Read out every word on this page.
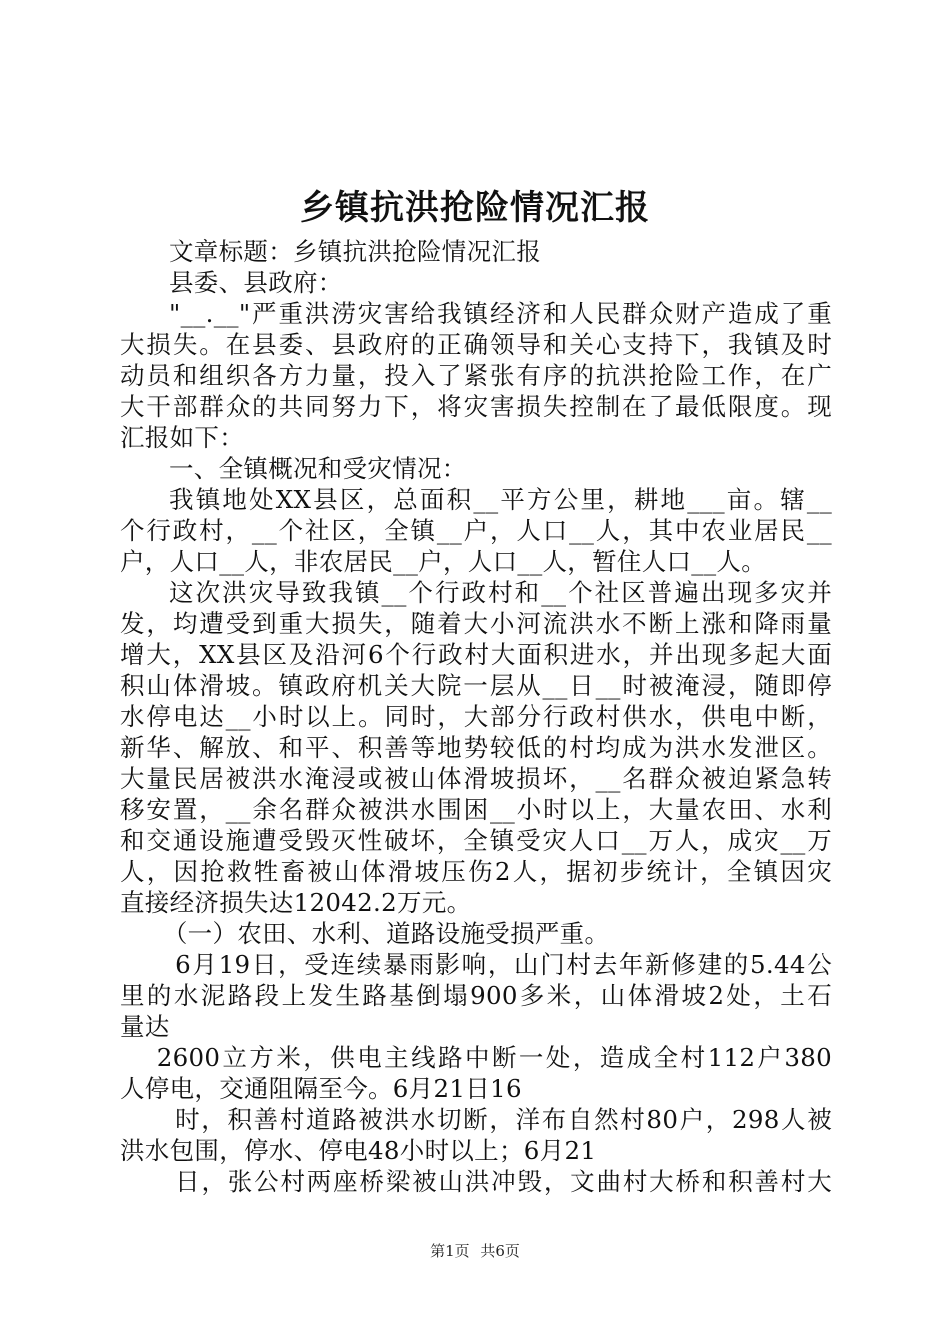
乡镇抗洪抢险情况汇报
文章标题：乡镇抗洪抢险情况汇报
县委、县政府：
"__.__"严重洪涝灾害给我镇经济和人民群众财产造成了重
大损失。在县委、县政府的正确领导和关心支持下，我镇及时
动员和组织各方力量，投入了紧张有序的抗洪抢险工作，在广
大干部群众的共同努力下，将灾害损失控制在了最低限度。现
汇报如下：
一、全镇概况和受灾情况：
我镇地处XX县区，总面积__平方公里，耕地___亩。辖__
个行政村，__个社区，全镇__户，人口__人，其中农业居民__
户，人口__人，非农居民__户，人口__人，暂住人口__人。
这次洪灾导致我镇__个行政村和__个社区普遍出现多灾并
发，均遭受到重大损失，随着大小河流洪水不断上涨和降雨量
增大，XX县区及沿河6个行政村大面积进水，并出现多起大面
积山体滑坡。镇政府机关大院一层从__日__时被淹浸，随即停
水停电达__小时以上。同时，大部分行政村供水，供电中断，
新华、解放、和平、积善等地势较低的村均成为洪水发泄区。
大量民居被洪水淹浸或被山体滑坡损坏，__名群众被迫紧急转
移安置，__余名群众被洪水围困__小时以上，大量农田、水利
和交通设施遭受毁灭性破坏，全镇受灾人口__万人，成灾__万
人，因抢救牲畜被山体滑坡压伤2人，据初步统计，全镇因灾
直接经济损失达12042.2万元。
（一）农田、水利、道路设施受损严重。
6月19日，受连续暴雨影响，山门村去年新修建的5.44公
里的水泥路段上发生路基倒塌900多米，山体滑坡2处，土石
量达
2600立方米，供电主线路中断一处，造成全村112户380
人停电，交通阻隔至今。6月21日16
时，积善村道路被洪水切断，洋布自然村80户，298人被
洪水包围，停水、停电48小时以上；6月21
日，张公村两座桥梁被山洪冲毁，文曲村大桥和积善村大
第1页 共6页
